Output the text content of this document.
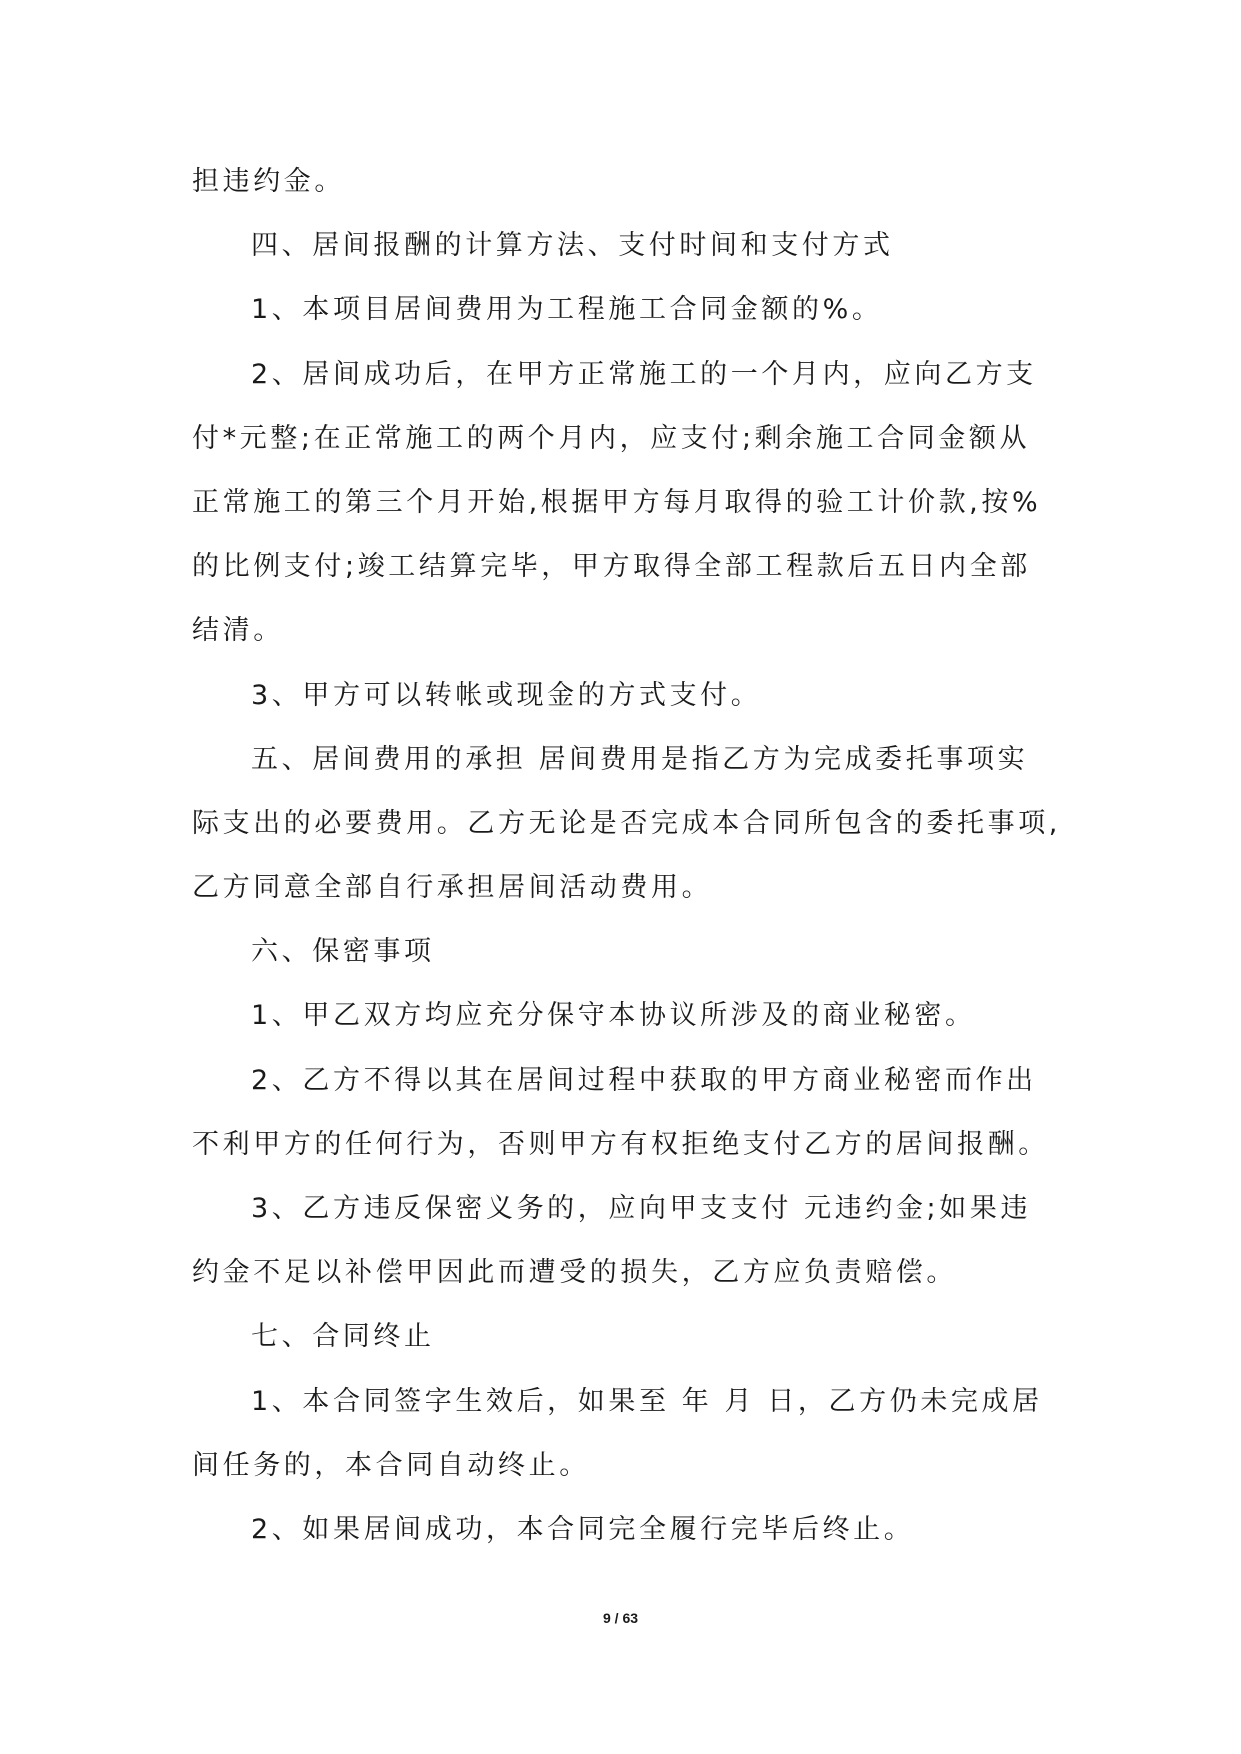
担违约金。
四、居间报酬的计算方法、支付时间和支付方式
1、本项目居间费用为工程施工合同金额的%。
2、居间成功后，在甲方正常施工的一个月内，应向乙方支
付*元整;在正常施工的两个月内，应支付;剩余施工合同金额从
正常施工的第三个月开始,根据甲方每月取得的验工计价款,按%
的比例支付;竣工结算完毕，甲方取得全部工程款后五日内全部
结清。
3、甲方可以转帐或现金的方式支付。
五、居间费用的承担 居间费用是指乙方为完成委托事项实
际支出的必要费用。乙方无论是否完成本合同所包含的委托事项,
乙方同意全部自行承担居间活动费用。
六、保密事项
1、甲乙双方均应充分保守本协议所涉及的商业秘密。
2、乙方不得以其在居间过程中获取的甲方商业秘密而作出
不利甲方的任何行为，否则甲方有权拒绝支付乙方的居间报酬。
3、乙方违反保密义务的，应向甲支支付 元违约金;如果违
约金不足以补偿甲因此而遭受的损失，乙方应负责赔偿。
七、合同终止
1、本合同签字生效后，如果至 年 月 日，乙方仍未完成居
间任务的，本合同自动终止。
2、如果居间成功，本合同完全履行完毕后终止。
9 / 63
